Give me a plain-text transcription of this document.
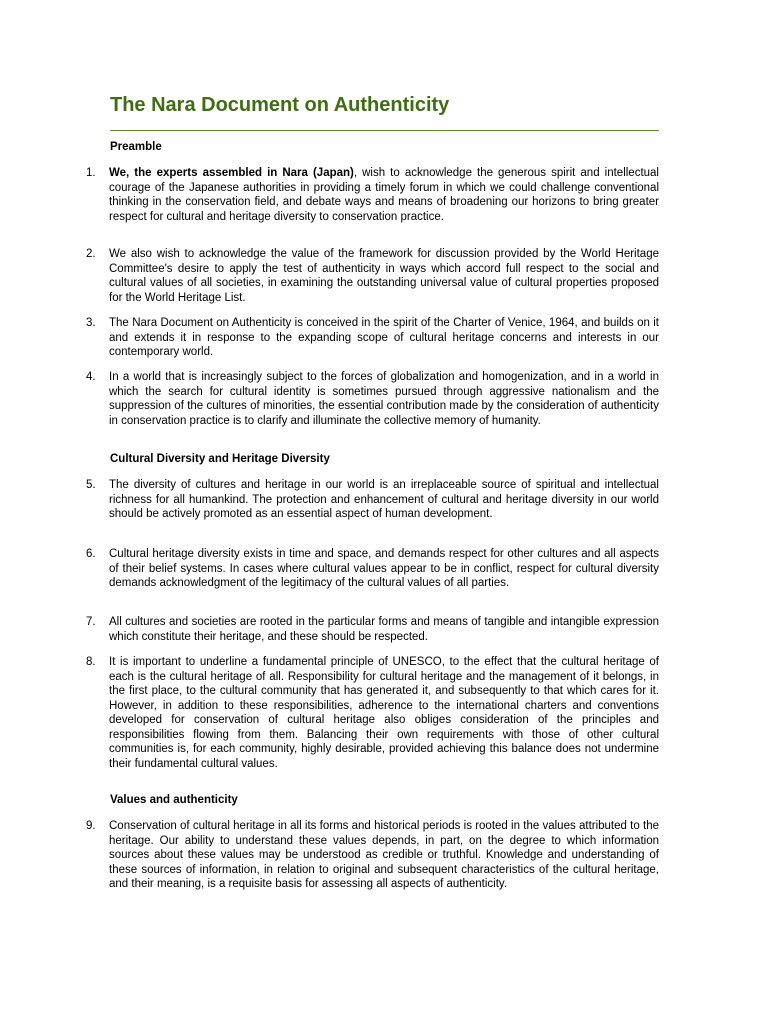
The Nara Document on Authenticity
Preamble
1. We, the experts assembled in Nara (Japan), wish to acknowledge the generous spirit and intellectual courage of the Japanese authorities in providing a timely forum in which we could challenge conventional thinking in the conservation field, and debate ways and means of broadening our horizons to bring greater respect for cultural and heritage diversity to conservation practice.

2. We also wish to acknowledge the value of the framework for discussion provided by the World Heritage Committee's desire to apply the test of authenticity in ways which accord full respect to the social and cultural values of all societies, in examining the outstanding universal value of cultural properties proposed for the World Heritage List.

3. The Nara Document on Authenticity is conceived in the spirit of the Charter of Venice, 1964, and builds on it and extends it in response to the expanding scope of cultural heritage concerns and interests in our contemporary world.

4. In a world that is increasingly subject to the forces of globalization and homogenization, and in a world in which the search for cultural identity is sometimes pursued through aggressive nationalism and the suppression of the cultures of minorities, the essential contribution made by the consideration of authenticity in conservation practice is to clarify and illuminate the collective memory of humanity.

Cultural Diversity and Heritage Diversity
5. The diversity of cultures and heritage in our world is an irreplaceable source of spiritual and intellectual richness for all humankind. The protection and enhancement of cultural and heritage diversity in our world should be actively promoted as an essential aspect of human development.

6. Cultural heritage diversity exists in time and space, and demands respect for other cultures and all aspects of their belief systems. In cases where cultural values appear to be in conflict, respect for cultural diversity demands acknowledgment of the legitimacy of the cultural values of all parties.

7. All cultures and societies are rooted in the particular forms and means of tangible and intangible expression which constitute their heritage, and these should be respected.

8. It is important to underline a fundamental principle of UNESCO, to the effect that the cultural heritage of each is the cultural heritage of all. Responsibility for cultural heritage and the management of it belongs, in the first place, to the cultural community that has generated it, and subsequently to that which cares for it. However, in addition to these responsibilities, adherence to the international charters and conventions developed for conservation of cultural heritage also obliges consideration of the principles and responsibilities flowing from them. Balancing their own requirements with those of other cultural communities is, for each community, highly desirable, provided achieving this balance does not undermine their fundamental cultural values.

Values and authenticity
9. Conservation of cultural heritage in all its forms and historical periods is rooted in the values attributed to the heritage. Our ability to understand these values depends, in part, on the degree to which information sources about these values may be understood as credible or truthful. Knowledge and understanding of these sources of information, in relation to original and subsequent characteristics of the cultural heritage, and their meaning, is a requisite basis for assessing all aspects of authenticity.
